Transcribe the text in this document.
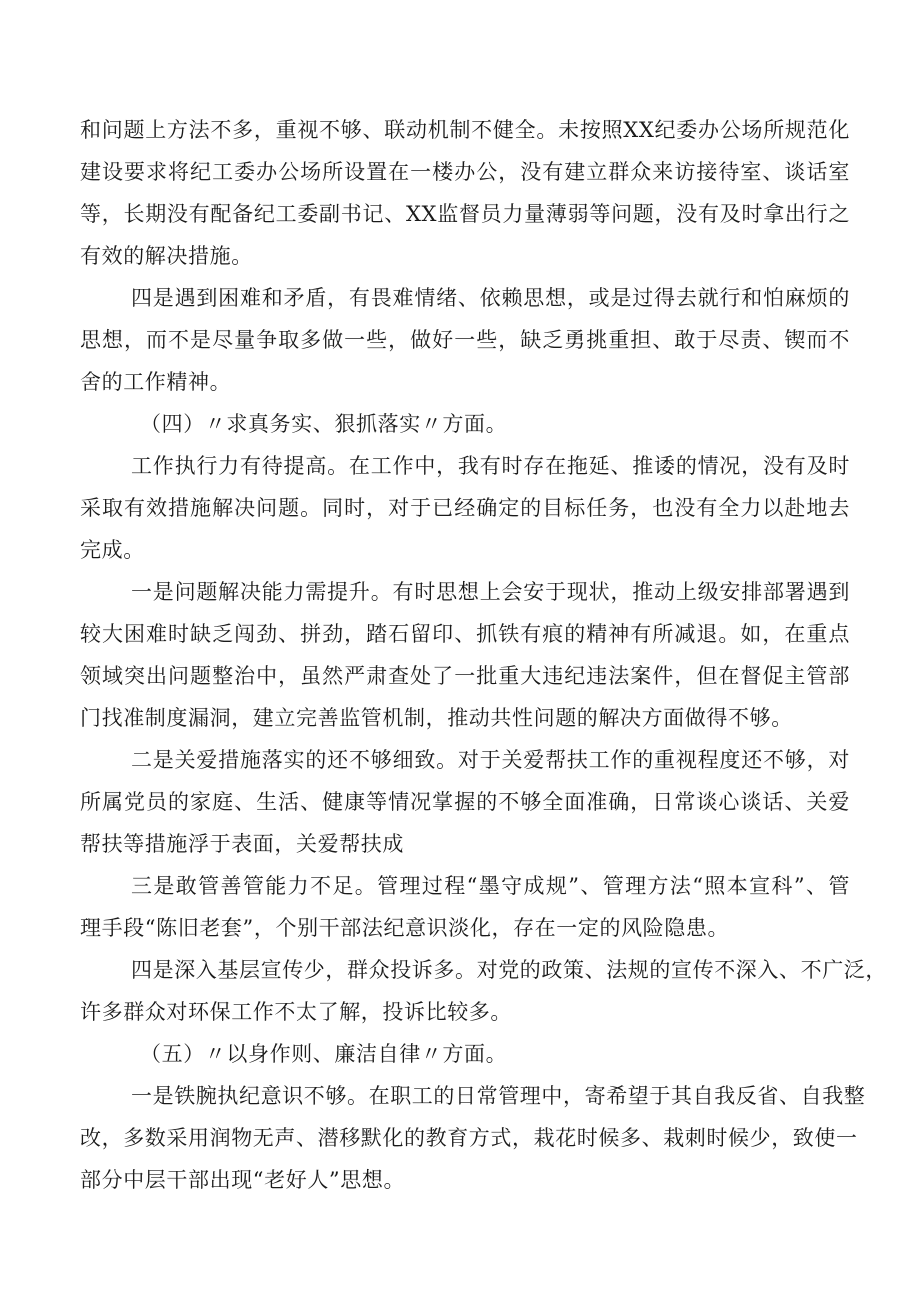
和问题上方法不多，重视不够、联动机制不健全。未按照XX纪委办公场所规范化

建设要求将纪工委办公场所设置在一楼办公，没有建立群众来访接待室、谈话室

等，长期没有配备纪工委副书记、XX监督员力量薄弱等问题，没有及时拿出行之

有效的解决措施。

四是遇到困难和矛盾，有畏难情绪、依赖思想，或是过得去就行和怕麻烦的

思想，而不是尽量争取多做一些，做好一些，缺乏勇挑重担、敢于尽责、锲而不

舍的工作精神。

（四）〃求真务实、狠抓落实〃方面。

工作执行力有待提高。在工作中，我有时存在拖延、推诿的情况，没有及时

采取有效措施解决问题。同时，对于已经确定的目标任务，也没有全力以赴地去

完成。

一是问题解决能力需提升。有时思想上会安于现状，推动上级安排部署遇到

较大困难时缺乏闯劲、拼劲，踏石留印、抓铁有痕的精神有所减退。如，在重点

领域突出问题整治中，虽然严肃查处了一批重大违纪违法案件，但在督促主管部

门找准制度漏洞，建立完善监管机制，推动共性问题的解决方面做得不够。

二是关爱措施落实的还不够细致。对于关爱帮扶工作的重视程度还不够，对

所属党员的家庭、生活、健康等情况掌握的不够全面准确，日常谈心谈话、关爱

帮扶等措施浮于表面，关爱帮扶成

三是敢管善管能力不足。管理过程“墨守成规”、管理方法“照本宣科”、管

理手段“陈旧老套”，个别干部法纪意识淡化，存在一定的风险隐患。

四是深入基层宣传少，群众投诉多。对党的政策、法规的宣传不深入、不广泛，

许多群众对环保工作不太了解，投诉比较多。

（五）〃以身作则、廉洁自律〃方面。

一是铁腕执纪意识不够。在职工的日常管理中，寄希望于其自我反省、自我整

改，多数采用润物无声、潜移默化的教育方式，栽花时候多、栽刺时候少，致使一

部分中层干部出现“老好人”思想。
